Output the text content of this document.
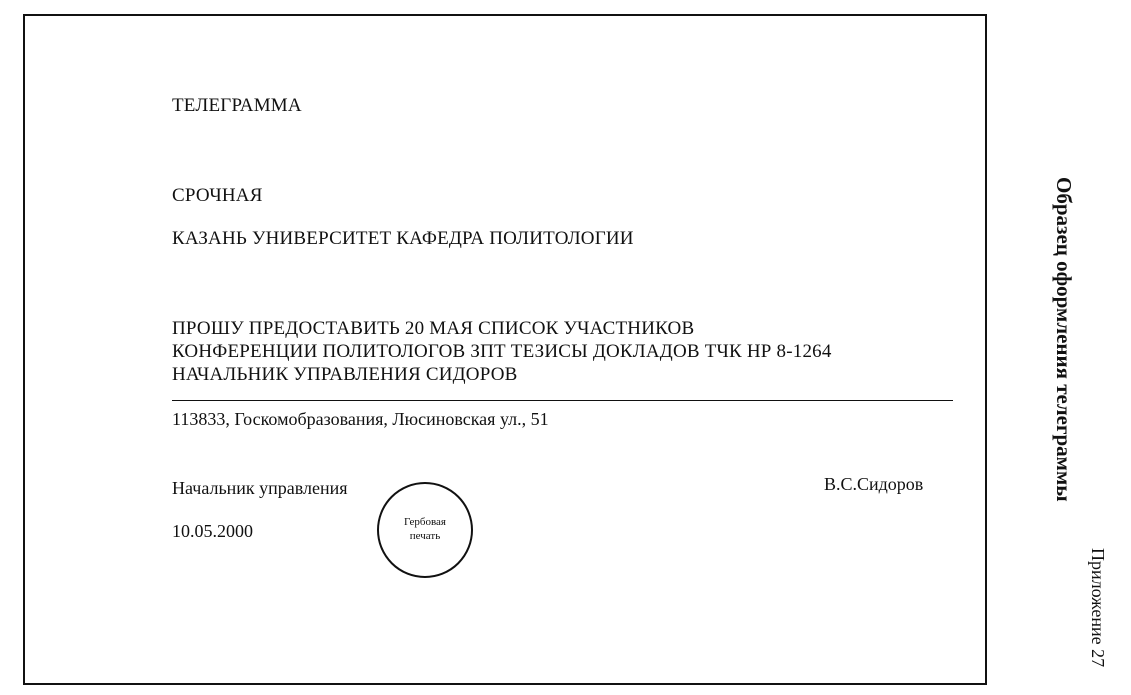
ТЕЛЕГРАММА
СРОЧНАЯ
КАЗАНЬ УНИВЕРСИТЕТ КАФЕДРА ПОЛИТОЛОГИИ
ПРОШУ ПРЕДОСТАВИТЬ 20 МАЯ СПИСОК УЧАСТНИКОВ
КОНФЕРЕНЦИИ ПОЛИТОЛОГОВ ЗПТ ТЕЗИСЫ ДОКЛАДОВ ТЧК НР 8-1264
НАЧАЛЬНИК УПРАВЛЕНИЯ СИДОРОВ
113833, Госкомобразования, Люсиновская ул., 51
Начальник управления	В.С.Сидоров
10.05.2000	Гербовая
печать
Образец оформления телеграммы
Приложение 27
